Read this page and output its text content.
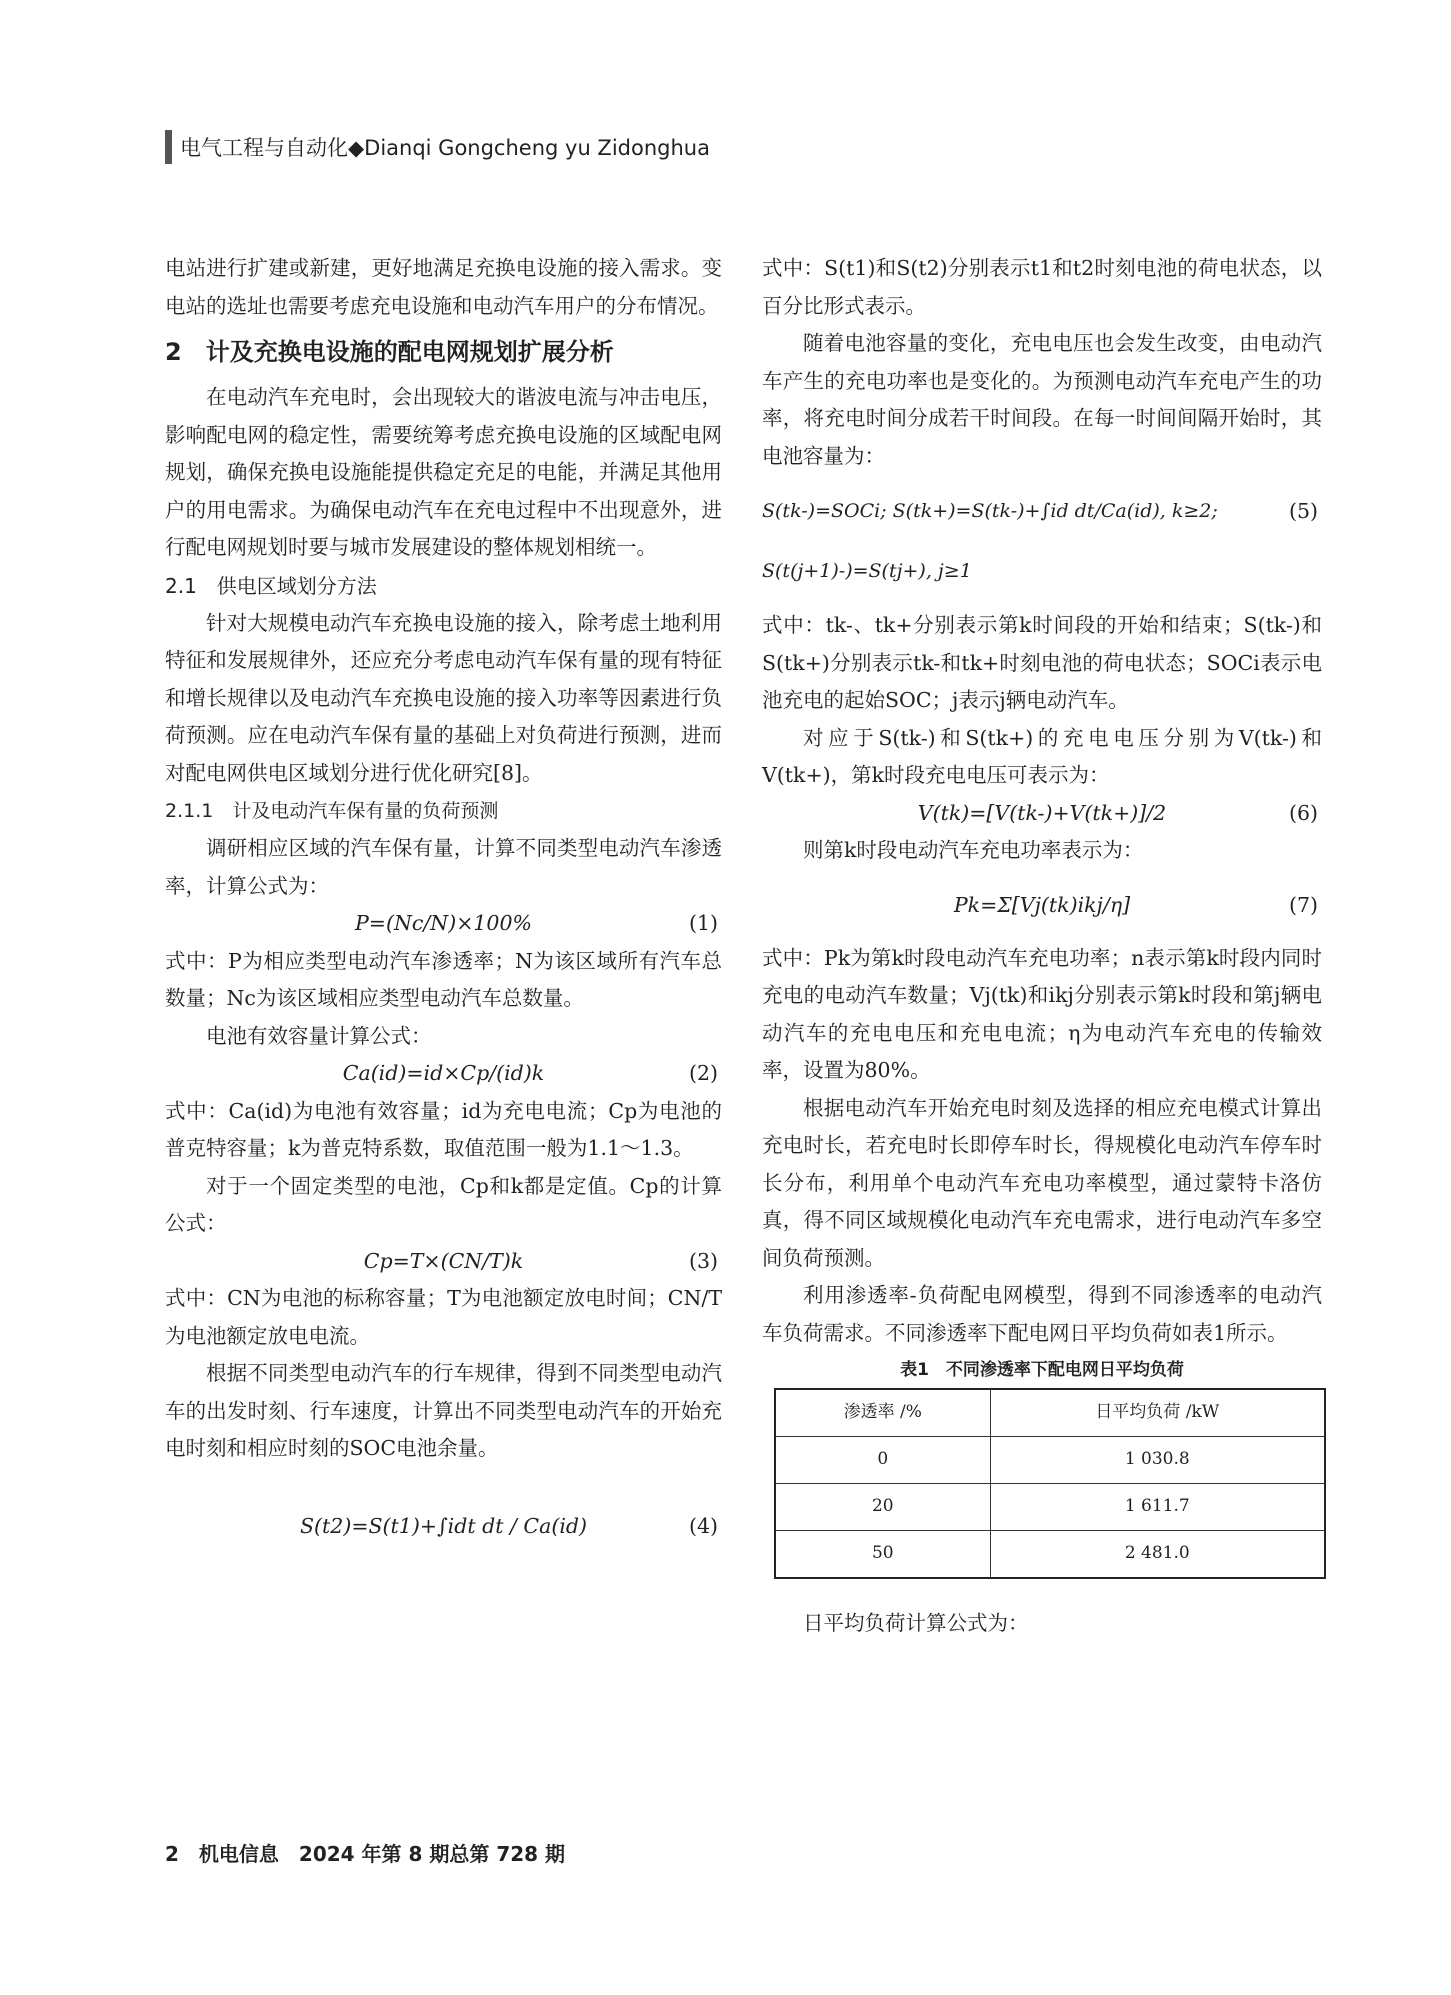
电气工程与自动化◆Dianqi Gongcheng yu Zidonghua

电站进行扩建或新建，更好地满足充换电设施的接入需求。变电站的选址也需要考虑充电设施和电动汽车用户的分布情况。

2　计及充换电设施的配电网规划扩展分析

在电动汽车充电时，会出现较大的谐波电流与冲击电压，影响配电网的稳定性，需要统筹考虑充换电设施的区域配电网规划，确保充换电设施能提供稳定充足的电能，并满足其他用户的用电需求。为确保电动汽车在充电过程中不出现意外，进行配电网规划时要与城市发展建设的整体规划相统一。

2.1　供电区域划分方法

针对大规模电动汽车充换电设施的接入，除考虑土地利用特征和发展规律外，还应充分考虑电动汽车保有量的现有特征和增长规律以及电动汽车充换电设施的接入功率等因素进行负荷预测。应在电动汽车保有量的基础上对负荷进行预测，进而对配电网供电区域划分进行优化研究[8]。

2.1.1　计及电动汽车保有量的负荷预测

调研相应区域的汽车保有量，计算不同类型电动汽车渗透率，计算公式为：

P=(Nc/N)×100%	(1)

式中：P为相应类型电动汽车渗透率；N为该区域所有汽车总数量；Nc为该区域相应类型电动汽车总数量。

电池有效容量计算公式：

Ca(id)=id×Cp/(id)k	(2)

式中：Ca(id)为电池有效容量；id为充电电流；Cp为电池的普克特容量；k为普克特系数，取值范围一般为1.1～1.3。

对于一个固定类型的电池，Cp和k都是定值。Cp的计算公式：

Cp=T×(CN/T)k	(3)

式中：CN为电池的标称容量；T为电池额定放电时间；CN/T为电池额定放电电流。

根据不同类型电动汽车的行车规律，得到不同类型电动汽车的出发时刻、行车速度，计算出不同类型电动汽车的开始充电时刻和相应时刻的SOC电池余量。

S(t2)=S(t1)+∫idt dt / Ca(id)	(4)

式中：S(t1)和S(t2)分别表示t1和t2时刻电池的荷电状态，以百分比形式表示。

随着电池容量的变化，充电电压也会发生改变，由电动汽车产生的充电功率也是变化的。为预测电动汽车充电产生的功率，将充电时间分成若干时间段。在每一时间间隔开始时，其电池容量为：

S(tk-)=SOCi; S(tk+)=S(tk-)+∫id dt/Ca(id), k≥2; S(t(j+1)-)=S(tj+), j≥1
(5)

式中：tk-、tk+分别表示第k时间段的开始和结束；S(tk-)和S(tk+)分别表示tk-和tk+时刻电池的荷电状态；SOCi表示电池充电的起始SOC；j表示j辆电动汽车。

对应于S(tk-)和S(tk+)的充电电压分别为V(tk-)和V(tk+)，第k时段充电电压可表示为：

V(tk)=[V(tk-)+V(tk+)]/2	(6)

则第k时段电动汽车充电功率表示为：

Pk=Σ[Vj(tk)ikj/η]	(7)

式中：Pk为第k时段电动汽车充电功率；n表示第k时段内同时充电的电动汽车数量；Vj(tk)和ikj分别表示第k时段和第j辆电动汽车的充电电压和充电电流；η为电动汽车充电的传输效率，设置为80%。

根据电动汽车开始充电时刻及选择的相应充电模式计算出充电时长，若充电时长即停车时长，得规模化电动汽车停车时长分布，利用单个电动汽车充电功率模型，通过蒙特卡洛仿真，得不同区域规模化电动汽车充电需求，进行电动汽车多空间负荷预测。

利用渗透率-负荷配电网模型，得到不同渗透率的电动汽车负荷需求。不同渗透率下配电网日平均负荷如表1所示。

表1　不同渗透率下配电网日平均负荷
渗透率 /%	日平均负荷 /kW
0	1 030.8
20	1 611.7
50	2 481.0

日平均负荷计算公式为：

2　机电信息　2024 年第 8 期总第 728 期
